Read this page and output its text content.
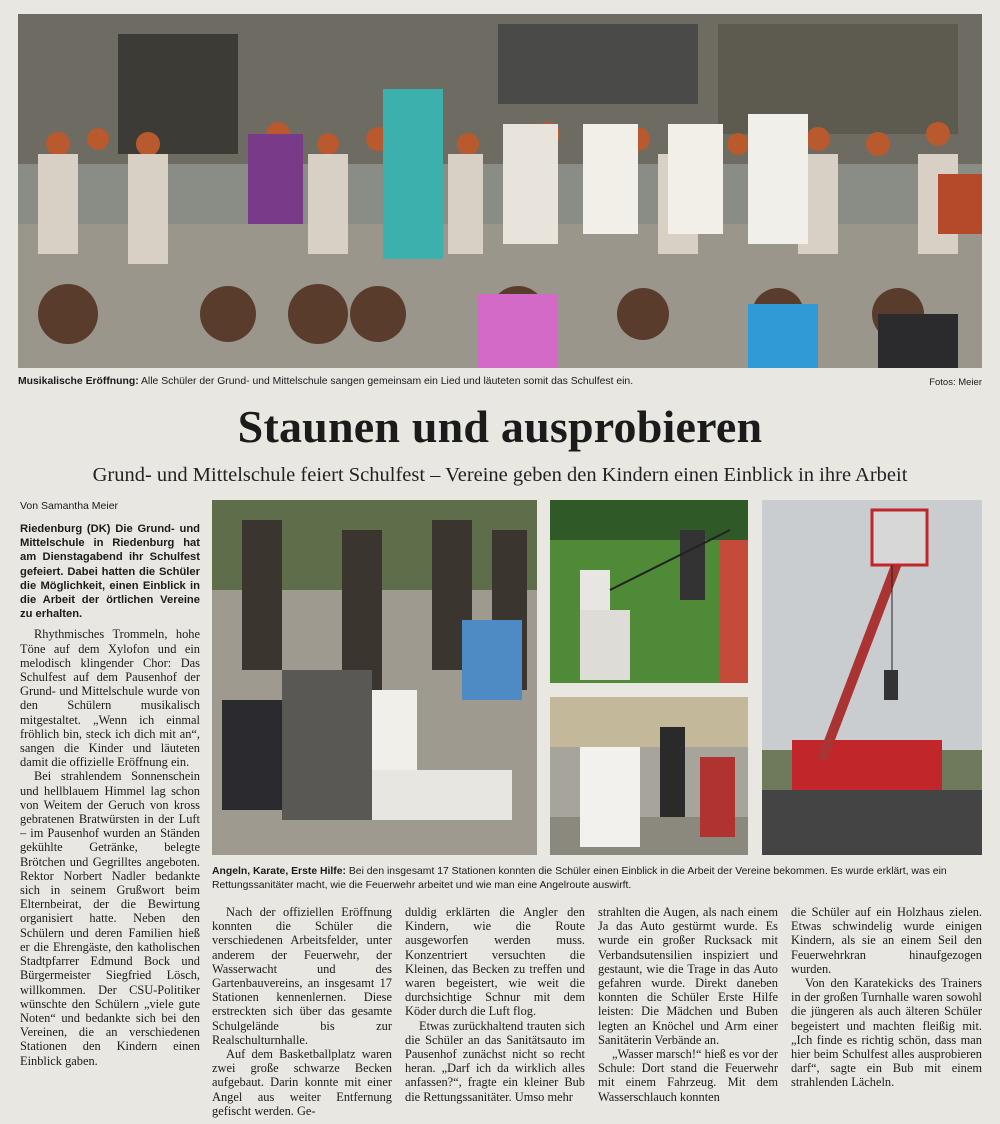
Musikalische Eröffnung: Alle Schüler der Grund- und Mittelschule sangen gemeinsam ein Lied und läuteten somit das Schulfest ein.	Fotos: Meier
Staunen und ausprobieren
Grund- und Mittelschule feiert Schulfest – Vereine geben den Kindern einen Einblick in ihre Arbeit
Von Samantha Meier
Riedenburg (DK) Die Grund- und Mittelschule in Riedenburg hat am Dienstagabend ihr Schulfest gefeiert. Dabei hatten die Schüler die Möglichkeit, einen Einblick in die Arbeit der örtlichen Vereine zu erhalten.

Rhythmisches Trommeln, hohe Töne auf dem Xylofon und ein melodisch klingender Chor: Das Schulfest auf dem Pausenhof der Grund- und Mittelschule wurde von den Schülern musikalisch mitgestaltet. „Wenn ich einmal fröhlich bin, steck ich dich mit an“, sangen die Kinder und läuteten damit die offizielle Eröffnung ein.

Bei strahlendem Sonnenschein und hellblauem Himmel lag schon von Weitem der Geruch von kross gebratenen Bratwürsten in der Luft – im Pausenhof wurden an Ständen gekühlte Getränke, belegte Brötchen und Gegrilltes angeboten. Rektor Norbert Nadler bedankte sich in seinem Grußwort beim Elternbeirat, der die Bewirtung organisiert hatte. Neben den Schülern und deren Familien hieß er die Ehrengäste, den katholischen Stadtpfarrer Edmund Bock und Bürgermeister Siegfried Lösch, willkommen. Der CSU-Politiker wünschte den Schülern „viele gute Noten“ und bedankte sich bei den Vereinen, die an verschiedenen Stationen den Kindern einen Einblick gaben.

Angeln, Karate, Erste Hilfe: Bei den insgesamt 17 Stationen konnten die Schüler einen Einblick in die Arbeit der Vereine bekommen. Es wurde erklärt, was ein Rettungssanitäter macht, wie die Feuerwehr arbeitet und wie man eine Angelroute auswirft.

Nach der offiziellen Eröffnung konnten die Schüler die verschiedenen Arbeitsfelder, unter anderem der Feuerwehr, der Wasserwacht und des Gartenbauvereins, an insgesamt 17 Stationen kennenlernen. Diese erstreckten sich über das gesamte Schulgelände bis zur Realschulturnhalle.

Auf dem Basketballplatz waren zwei große schwarze Becken aufgebaut. Darin konnte mit einer Angel aus weiter Entfernung gefischt werden. Ge-

duldig erklärten die Angler den Kindern, wie die Route ausgeworfen werden muss. Konzentriert versuchten die Kleinen, das Becken zu treffen und waren begeistert, wie weit die durchsichtige Schnur mit dem Köder durch die Luft flog.

Etwas zurückhaltend trauten sich die Schüler an das Sanitätsauto im Pausenhof zunächst nicht so recht heran. „Darf ich da wirklich alles anfassen?“, fragte ein kleiner Bub die Rettungssanitäter. Umso mehr

strahlten die Augen, als nach einem Ja das Auto gestürmt wurde. Es wurde ein großer Rucksack mit Verbandsutensilien inspiziert und gestaunt, wie die Trage in das Auto gefahren wurde. Direkt daneben konnten die Schüler Erste Hilfe leisten: Die Mädchen und Buben legten an Knöchel und Arm einer Sanitäterin Verbände an.

„Wasser marsch!“ hieß es vor der Schule: Dort stand die Feuerwehr mit einem Fahrzeug. Mit dem Wasserschlauch konnten

die Schüler auf ein Holzhaus zielen. Etwas schwindelig wurde einigen Kindern, als sie an einem Seil den Feuerwehrkran hinaufgezogen wurden.

Von den Karatekicks des Trainers in der großen Turnhalle waren sowohl die jüngeren als auch älteren Schüler begeistert und machten fleißig mit. „Ich finde es richtig schön, dass man hier beim Schulfest alles ausprobieren darf“, sagte ein Bub mit einem strahlenden Lächeln.
